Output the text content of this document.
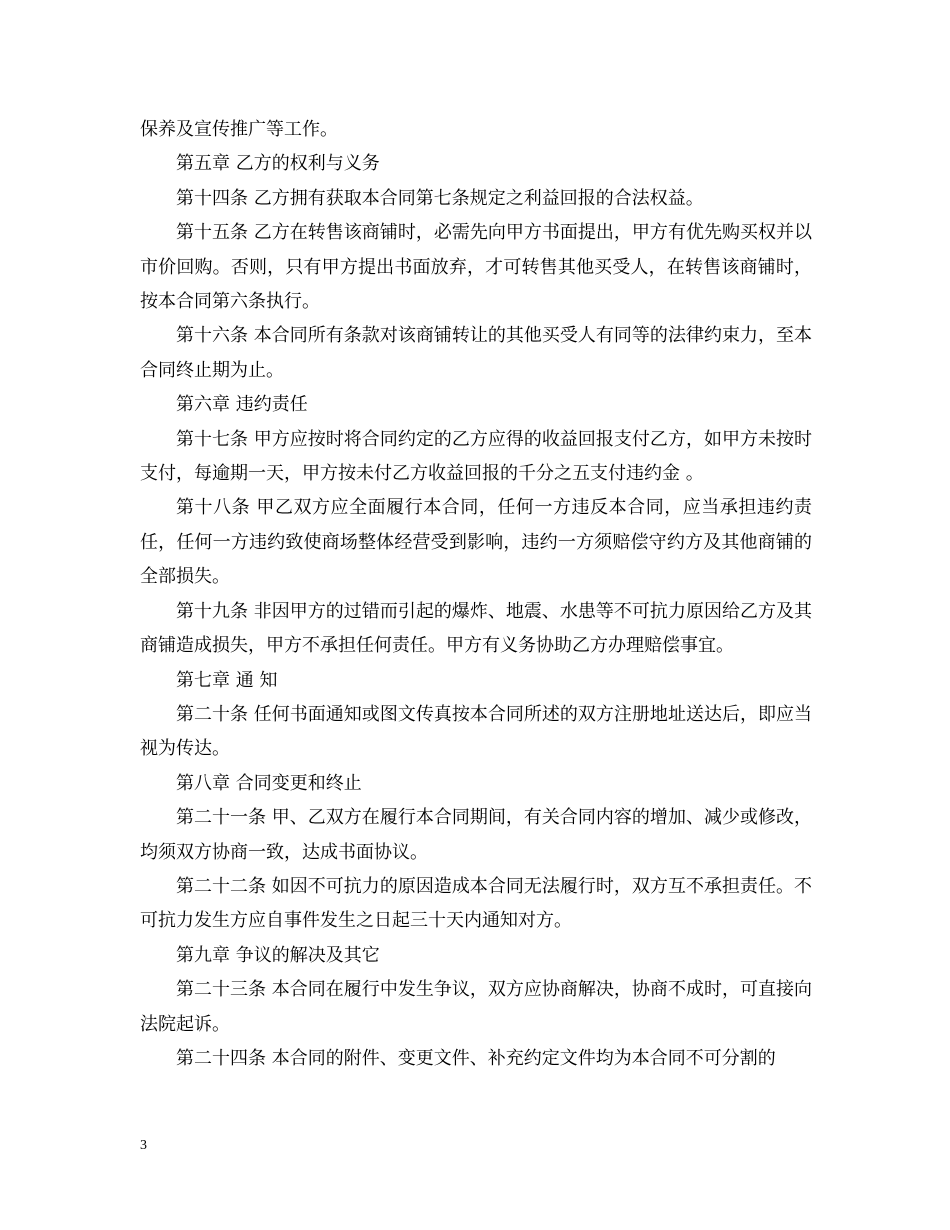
保养及宣传推广等工作。

第五章 乙方的权利与义务

第十四条 乙方拥有获取本合同第七条规定之利益回报的合法权益。

第十五条 乙方在转售该商铺时，必需先向甲方书面提出，甲方有优先购买权并以市价回购。否则，只有甲方提出书面放弃，才可转售其他买受人，在转售该商铺时，按本合同第六条执行。

第十六条 本合同所有条款对该商铺转让的其他买受人有同等的法律约束力，至本合同终止期为止。

第六章 违约责任

第十七条 甲方应按时将合同约定的乙方应得的收益回报支付乙方，如甲方未按时支付，每逾期一天，甲方按未付乙方收益回报的千分之五支付违约金 。

第十八条 甲乙双方应全面履行本合同，任何一方违反本合同，应当承担违约责任，任何一方违约致使商场整体经营受到影响，违约一方须赔偿守约方及其他商铺的全部损失。

第十九条 非因甲方的过错而引起的爆炸、地震、水患等不可抗力原因给乙方及其商铺造成损失，甲方不承担任何责任。甲方有义务协助乙方办理赔偿事宜。

第七章 通 知

第二十条 任何书面通知或图文传真按本合同所述的双方注册地址送达后，即应当视为传达。

第八章 合同变更和终止

第二十一条 甲、乙双方在履行本合同期间，有关合同内容的增加、减少或修改，均须双方协商一致，达成书面协议。

第二十二条 如因不可抗力的原因造成本合同无法履行时，双方互不承担责任。不可抗力发生方应自事件发生之日起三十天内通知对方。

第九章 争议的解决及其它

第二十三条 本合同在履行中发生争议，双方应协商解决，协商不成时，可直接向法院起诉。

第二十四条 本合同的附件、变更文件、补充约定文件均为本合同不可分割的

3
